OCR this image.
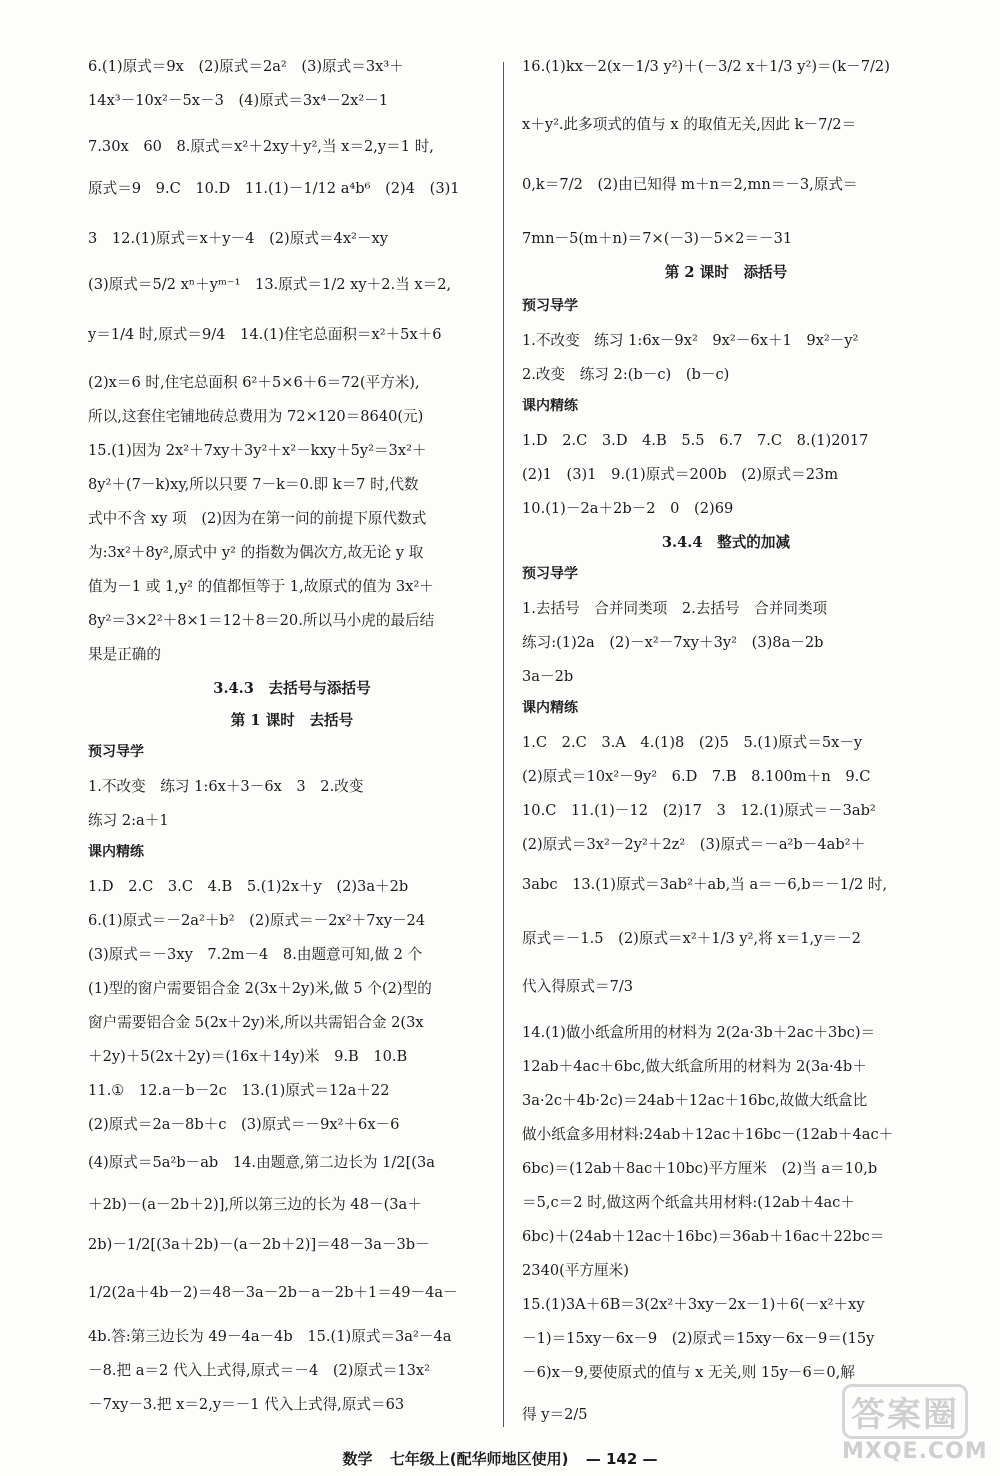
6.(1)原式＝9x　(2)原式＝2a²　(3)原式＝3x³＋
14x³－10x²－5x－3　(4)原式＝3x⁴－2x²－1
7.30x　60　8.原式＝x²＋2xy＋y²,当 x＝2,y＝1 时,
原式＝9　9.C　10.D　11.(1)－1/12 a⁴b⁶　(2)4　(3)1
3　12.(1)原式＝x＋y－4　(2)原式＝4x²－xy
(3)原式＝5/2 xⁿ＋yᵐ⁻¹　13.原式＝1/2 xy＋2.当 x＝2,
y＝1/4 时,原式＝9/4　14.(1)住宅总面积＝x²＋5x＋6
(2)x＝6 时,住宅总面积 6²＋5×6＋6＝72(平方米),
所以,这套住宅铺地砖总费用为 72×120＝8640(元)
15.(1)因为 2x²＋7xy＋3y²＋x²－kxy＋5y²＝3x²＋
8y²＋(7－k)xy,所以只要 7－k＝0.即 k＝7 时,代数
式中不含 xy 项　(2)因为在第一问的前提下原代数式
为:3x²＋8y²,原式中 y² 的指数为偶次方,故无论 y 取
值为－1 或 1,y² 的值都恒等于 1,故原式的值为 3x²＋
8y²＝3×2²＋8×1＝12＋8＝20.所以马小虎的最后结
果是正确的
3.4.3　去括号与添括号
第 1 课时　去括号
预习导学
1.不改变　练习 1:6x＋3－6x　3　2.改变
练习 2:a＋1
课内精练
1.D　2.C　3.C　4.B　5.(1)2x＋y　(2)3a＋2b
6.(1)原式＝－2a²＋b²　(2)原式＝－2x²＋7xy－24
(3)原式＝－3xy　7.2m－4　8.由题意可知,做 2 个
(1)型的窗户需要铝合金 2(3x＋2y)米,做 5 个(2)型的
窗户需要铝合金 5(2x＋2y)米,所以共需铝合金 2(3x
＋2y)＋5(2x＋2y)＝(16x＋14y)米　9.B　10.B
11.①　12.a－b－2c　13.(1)原式＝12a＋22
(2)原式＝2a－8b＋c　(3)原式＝－9x²＋6x－6
(4)原式＝5a²b－ab　14.由题意,第二边长为 1/2[(3a
＋2b)－(a－2b＋2)],所以第三边的长为 48－(3a＋
2b)－1/2[(3a＋2b)－(a－2b＋2)]＝48－3a－3b－
1/2(2a＋4b－2)＝48－3a－2b－a－2b＋1＝49－4a－
4b.答:第三边长为 49－4a－4b　15.(1)原式＝3a²－4a
－8.把 a＝2 代入上式得,原式＝－4　(2)原式＝13x²
－7xy－3.把 x＝2,y＝－1 代入上式得,原式＝63
16.(1)kx－2(x－1/3 y²)＋(－3/2 x＋1/3 y²)＝(k－7/2)
x＋y².此多项式的值与 x 的取值无关,因此 k－7/2＝
0,k＝7/2　(2)由已知得 m＋n＝2,mn＝－3,原式＝
7mn－5(m＋n)＝7×(－3)－5×2＝－31
第 2 课时　添括号
预习导学
1.不改变　练习 1:6x－9x²　9x²－6x＋1　9x²－y²
2.改变　练习 2:(b－c)　(b－c)
课内精练
1.D　2.C　3.D　4.B　5.5　6.7　7.C　8.(1)2017
(2)1　(3)1　9.(1)原式＝200b　(2)原式＝23m
10.(1)－2a＋2b－2　0　(2)69
3.4.4　整式的加减
预习导学
1.去括号　合并同类项　2.去括号　合并同类项
练习:(1)2a　(2)－x²－7xy＋3y²　(3)8a－2b
3a－2b
课内精练
1.C　2.C　3.A　4.(1)8　(2)5　5.(1)原式＝5x－y
(2)原式＝10x²－9y²　6.D　7.B　8.100m＋n　9.C
10.C　11.(1)－12　(2)17　3　12.(1)原式＝－3ab²
(2)原式＝3x²－2y²＋2z²　(3)原式＝－a²b－4ab²＋
3abc　13.(1)原式＝3ab²＋ab,当 a＝－6,b＝－1/2 时,
原式＝－1.5　(2)原式＝x²＋1/3 y²,将 x＝1,y＝－2
代入得原式＝7/3
14.(1)做小纸盒所用的材料为 2(2a·3b＋2ac＋3bc)＝
12ab＋4ac＋6bc,做大纸盒所用的材料为 2(3a·4b＋
3a·2c＋4b·2c)＝24ab＋12ac＋16bc,故做大纸盒比
做小纸盒多用材料:24ab＋12ac＋16bc－(12ab＋4ac＋
6bc)＝(12ab＋8ac＋10bc)平方厘米　(2)当 a＝10,b
＝5,c＝2 时,做这两个纸盒共用材料:(12ab＋4ac＋
6bc)＋(24ab＋12ac＋16bc)＝36ab＋16ac＋22bc＝
2340(平方厘米)
15.(1)3A＋6B＝3(2x²＋3xy－2x－1)＋6(－x²＋xy
－1)＝15xy－6x－9　(2)原式＝15xy－6x－9＝(15y
－6)x－9,要使原式的值与 x 无关,则 15y－6＝0,解
得 y＝2/5
数学 七年级上(配华师地区使用) — 142 —
答案圈
MXQE.COM
